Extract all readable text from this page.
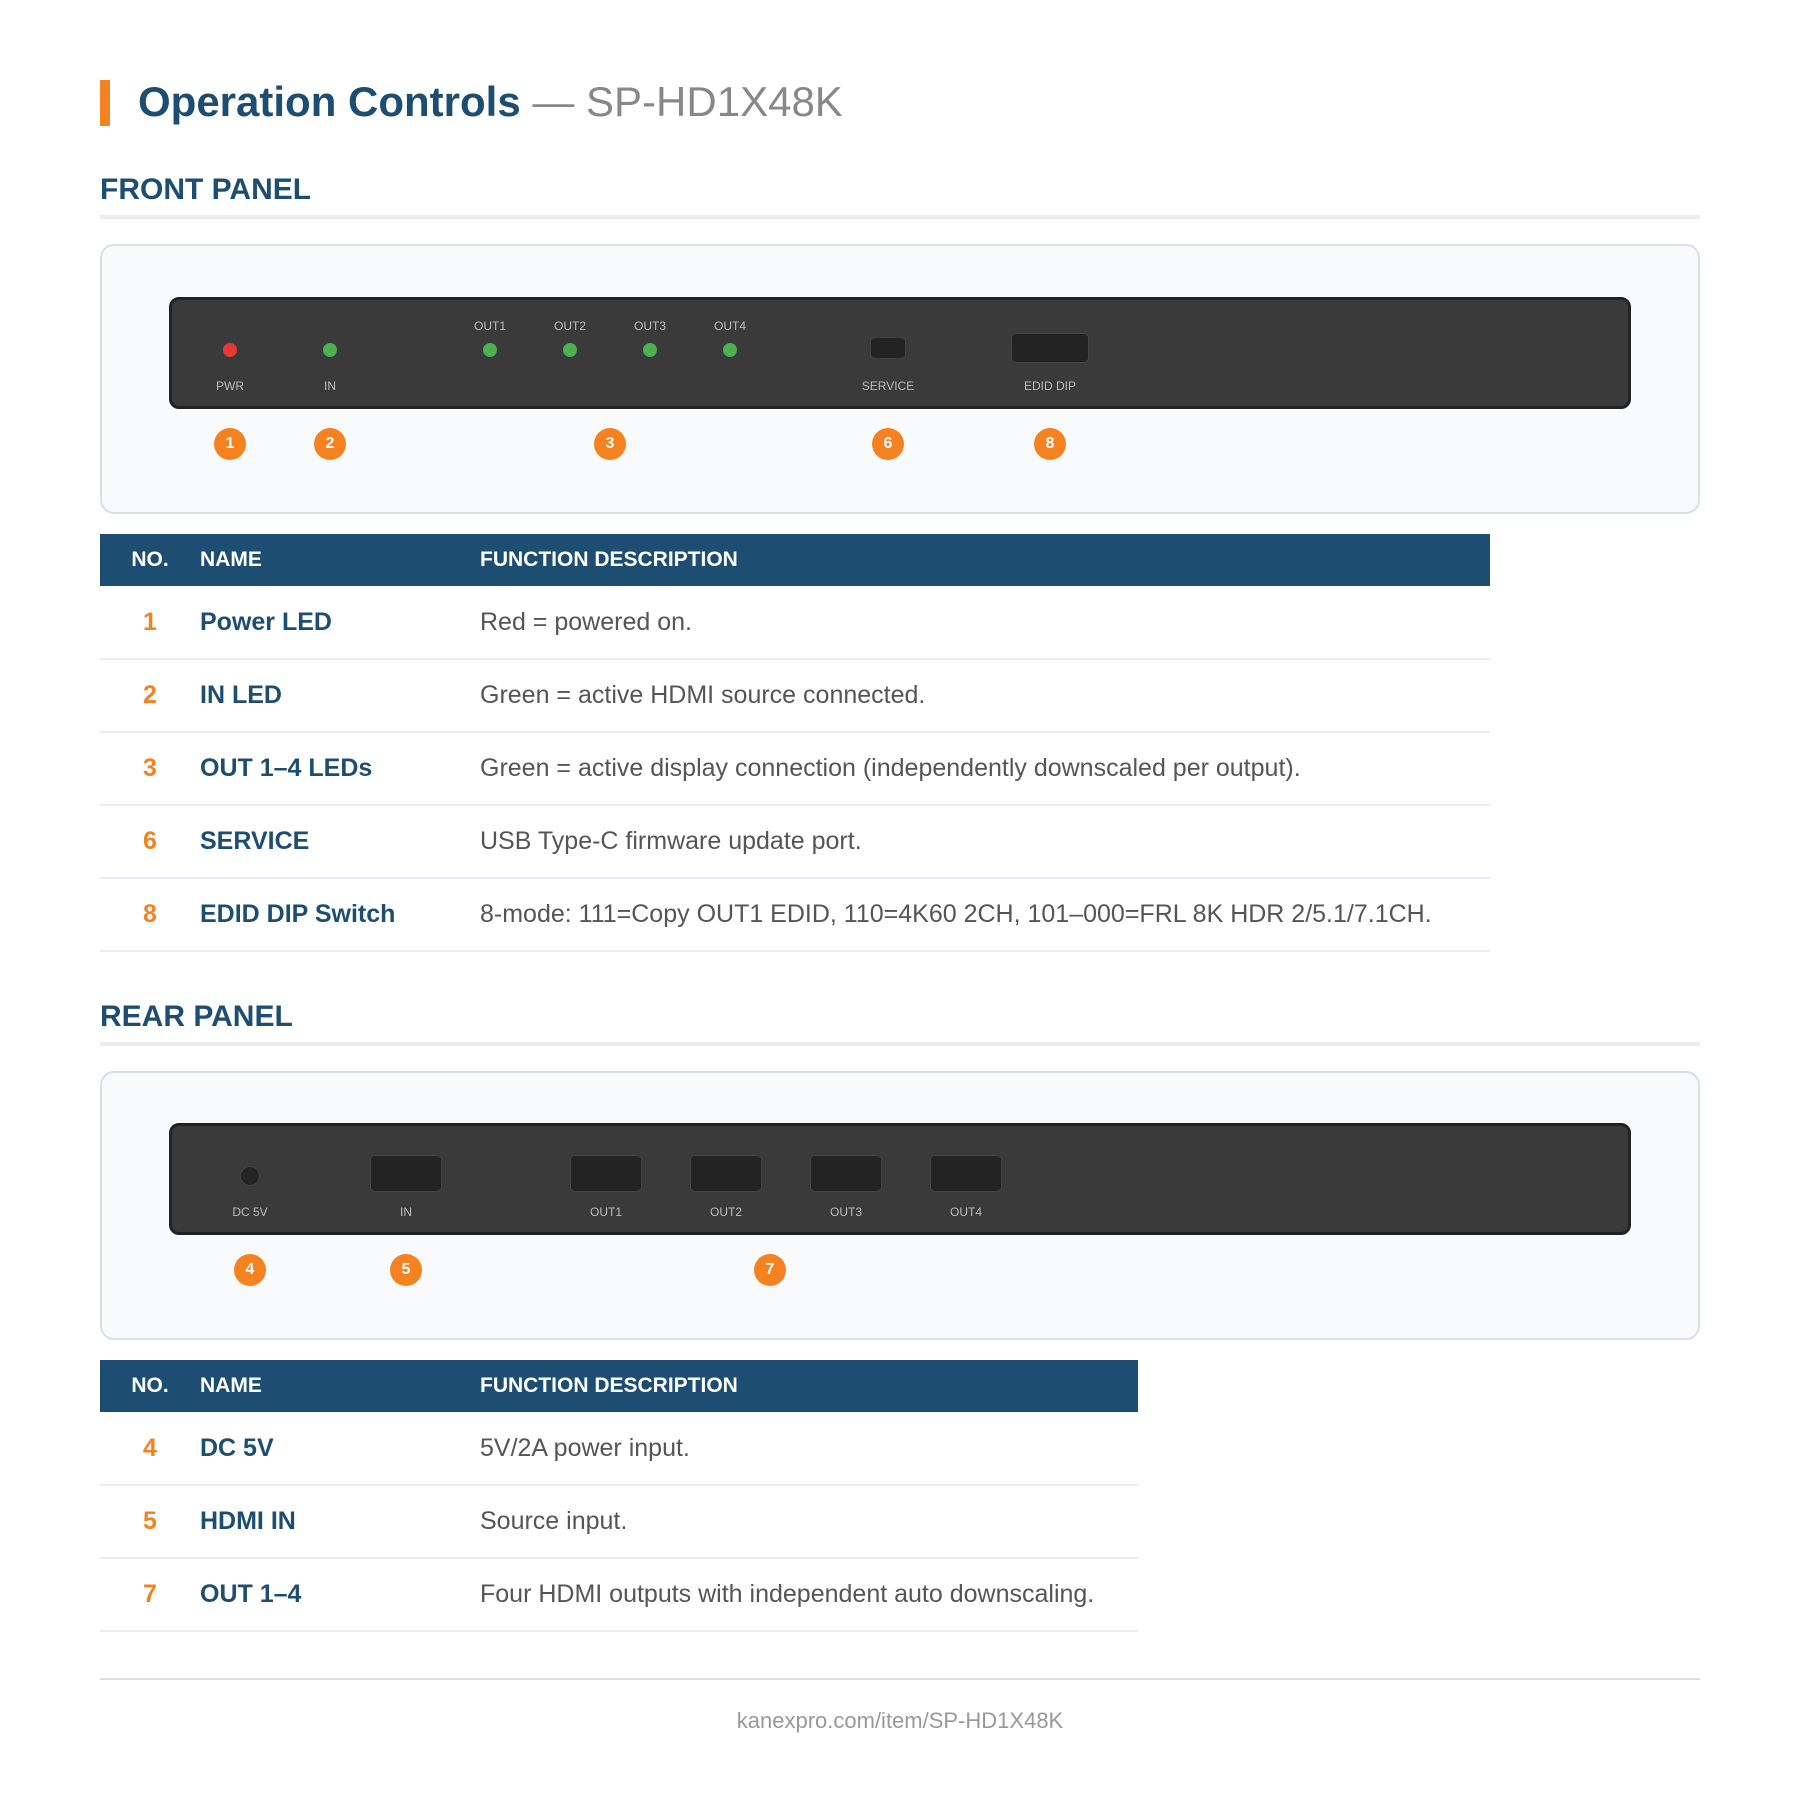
Operation Controls — SP-HD1X48K
FRONT PANEL
OUT1	OUT2	OUT3	OUT4
PWR	IN	SERVICE	EDID DIP
1	2	3	6	8
NO.	NAME	FUNCTION DESCRIPTION
1	Power LED	Red = powered on.
2	IN LED	Green = active HDMI source connected.
3	OUT 1–4 LEDs	Green = active display connection (independently downscaled per output).
6	SERVICE	USB Type-C firmware update port.
8	EDID DIP Switch	8-mode: 111=Copy OUT1 EDID, 110=4K60 2CH, 101–000=FRL 8K HDR 2/5.1/7.1CH.
REAR PANEL
DC 5V	IN	OUT1	OUT2	OUT3	OUT4
4	5	7
NO.	NAME	FUNCTION DESCRIPTION
4	DC 5V	5V/2A power input.
5	HDMI IN	Source input.
7	OUT 1–4	Four HDMI outputs with independent auto downscaling.
kanexpro.com/item/SP-HD1X48K
